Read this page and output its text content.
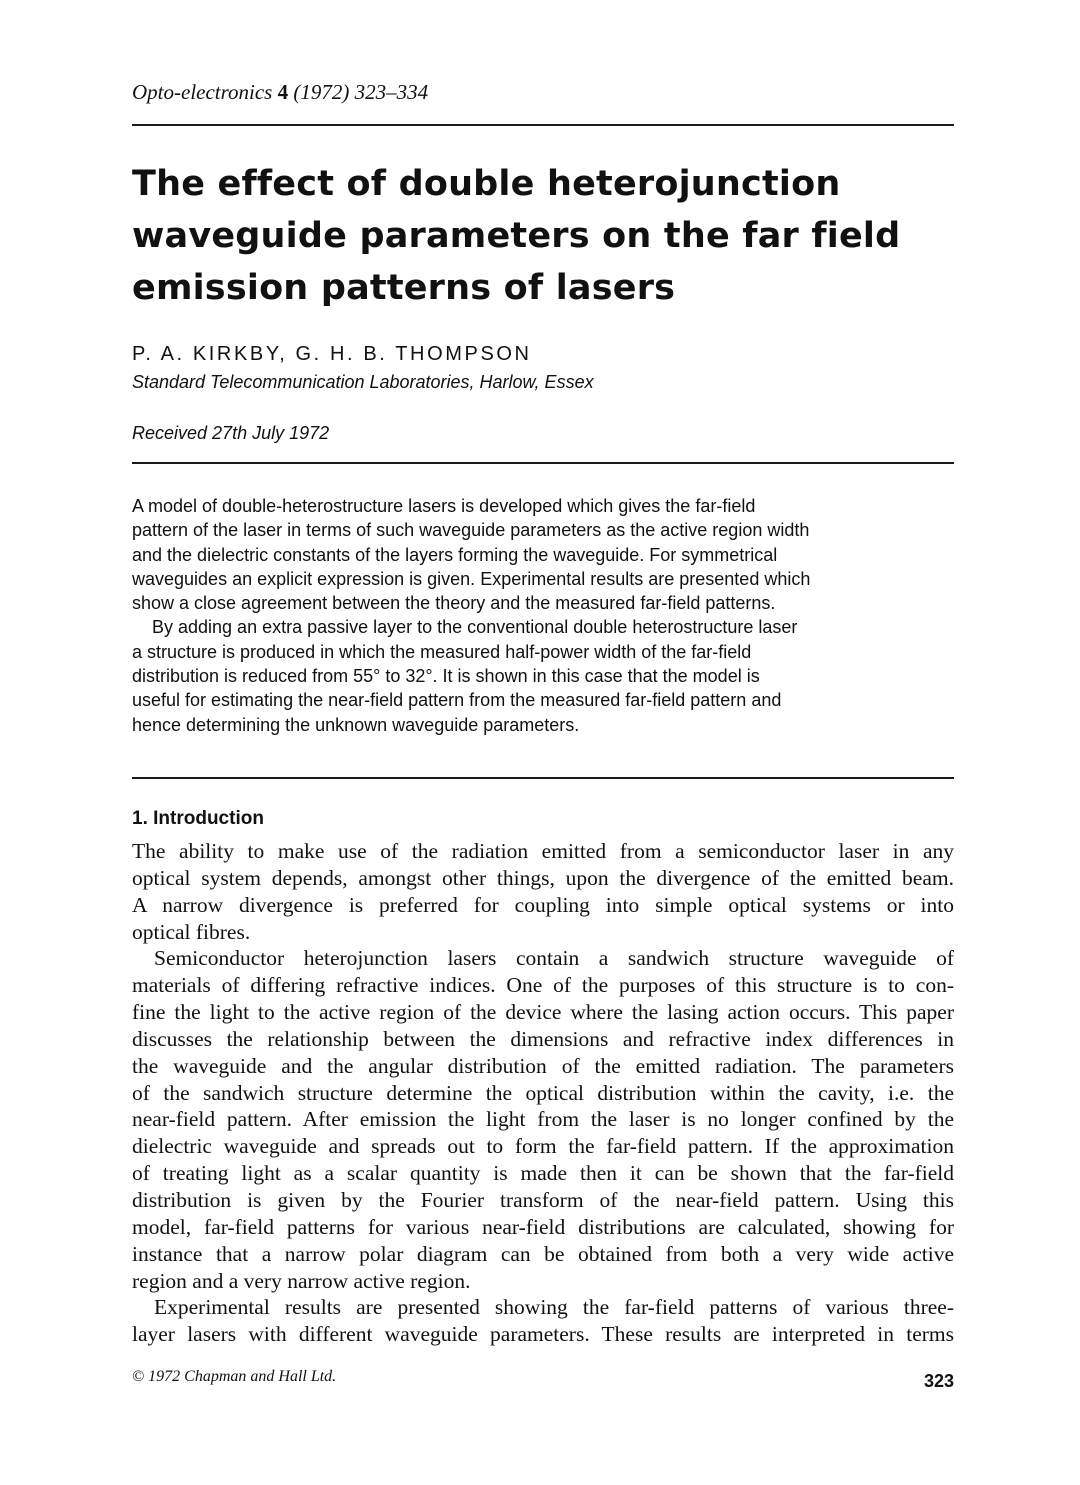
Opto-electronics 4 (1972) 323–334
The effect of double heterojunction
waveguide parameters on the far field
emission patterns of lasers
P. A. KIRKBY, G. H. B. THOMPSON
Standard Telecommunication Laboratories, Harlow, Essex
Received 27th July 1972
A model of double-heterostructure lasers is developed which gives the far-field
pattern of the laser in terms of such waveguide parameters as the active region width
and the dielectric constants of the layers forming the waveguide. For symmetrical
waveguides an explicit expression is given. Experimental results are presented which
show a close agreement between the theory and the measured far-field patterns.
By adding an extra passive layer to the conventional double heterostructure laser
a structure is produced in which the measured half-power width of the far-field
distribution is reduced from 55° to 32°. It is shown in this case that the model is
useful for estimating the near-field pattern from the measured far-field pattern and
hence determining the unknown waveguide parameters.
1. Introduction
The ability to make use of the radiation emitted from a semiconductor laser in any
optical system depends, amongst other things, upon the divergence of the emitted beam.
A narrow divergence is preferred for coupling into simple optical systems or into
optical fibres.
Semiconductor heterojunction lasers contain a sandwich structure waveguide of
materials of differing refractive indices. One of the purposes of this structure is to con-
fine the light to the active region of the device where the lasing action occurs. This paper
discusses the relationship between the dimensions and refractive index differences in
the waveguide and the angular distribution of the emitted radiation. The parameters
of the sandwich structure determine the optical distribution within the cavity, i.e. the
near-field pattern. After emission the light from the laser is no longer confined by the
dielectric waveguide and spreads out to form the far-field pattern. If the approximation
of treating light as a scalar quantity is made then it can be shown that the far-field
distribution is given by the Fourier transform of the near-field pattern. Using this
model, far-field patterns for various near-field distributions are calculated, showing for
instance that a narrow polar diagram can be obtained from both a very wide active
region and a very narrow active region.
Experimental results are presented showing the far-field patterns of various three-
layer lasers with different waveguide parameters. These results are interpreted in terms
© 1972 Chapman and Hall Ltd.	323
